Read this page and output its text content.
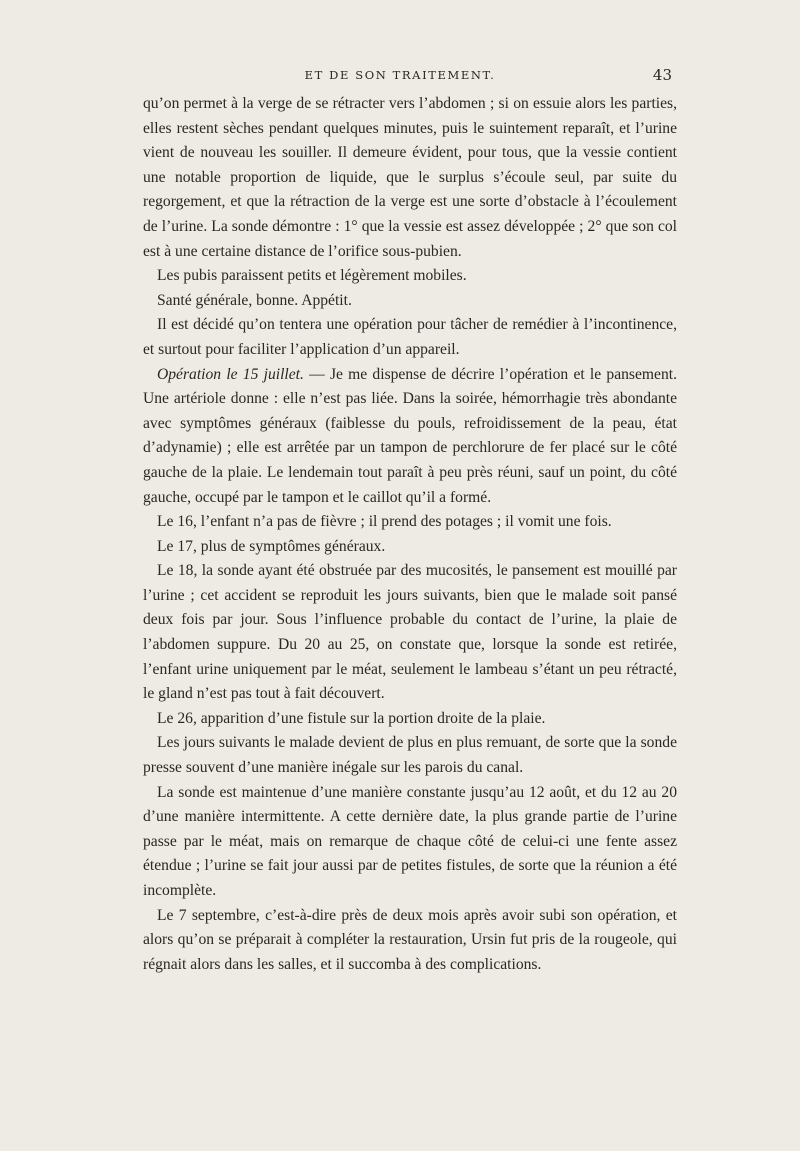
ET DE SON TRAITEMENT.	43

qu’on permet à la verge de se rétracter vers l’abdomen ; si on essuie alors les parties, elles restent sèches pendant quelques minutes, puis le suintement reparaît, et l’urine vient de nouveau les souiller. Il demeure évident, pour tous, que la vessie contient une notable proportion de liquide, que le surplus s’écoule seul, par suite du regorgement, et que la rétraction de la verge est une sorte d’obstacle à l’écoulement de l’urine. La sonde démontre : 1° que la vessie est assez développée ; 2° que son col est à une certaine distance de l’orifice sous-pubien.

Les pubis paraissent petits et légèrement mobiles.

Santé générale, bonne. Appétit.

Il est décidé qu’on tentera une opération pour tâcher de remédier à l’incontinence, et surtout pour faciliter l’application d’un appareil.

Opération le 15 juillet. — Je me dispense de décrire l’opération et le pansement. Une artériole donne : elle n’est pas liée. Dans la soirée, hémorrhagie très abondante avec symptômes généraux (faiblesse du pouls, refroidissement de la peau, état d’adynamie) ; elle est arrêtée par un tampon de perchlorure de fer placé sur le côté gauche de la plaie. Le lendemain tout paraît à peu près réuni, sauf un point, du côté gauche, occupé par le tampon et le caillot qu’il a formé.

Le 16, l’enfant n’a pas de fièvre ; il prend des potages ; il vomit une fois.

Le 17, plus de symptômes généraux.

Le 18, la sonde ayant été obstruée par des mucosités, le pansement est mouillé par l’urine ; cet accident se reproduit les jours suivants, bien que le malade soit pansé deux fois par jour. Sous l’influence probable du contact de l’urine, la plaie de l’abdomen suppure. Du 20 au 25, on constate que, lorsque la sonde est retirée, l’enfant urine uniquement par le méat, seulement le lambeau s’étant un peu rétracté, le gland n’est pas tout à fait découvert.

Le 26, apparition d’une fistule sur la portion droite de la plaie.

Les jours suivants le malade devient de plus en plus remuant, de sorte que la sonde presse souvent d’une manière inégale sur les parois du canal.

La sonde est maintenue d’une manière constante jusqu’au 12 août, et du 12 au 20 d’une manière intermittente. A cette dernière date, la plus grande partie de l’urine passe par le méat, mais on remarque de chaque côté de celui-ci une fente assez étendue ; l’urine se fait jour aussi par de petites fistules, de sorte que la réunion a été incomplète.

Le 7 septembre, c’est-à-dire près de deux mois après avoir subi son opération, et alors qu’on se préparait à compléter la restauration, Ursin fut pris de la rougeole, qui régnait alors dans les salles, et il succomba à des complications.
